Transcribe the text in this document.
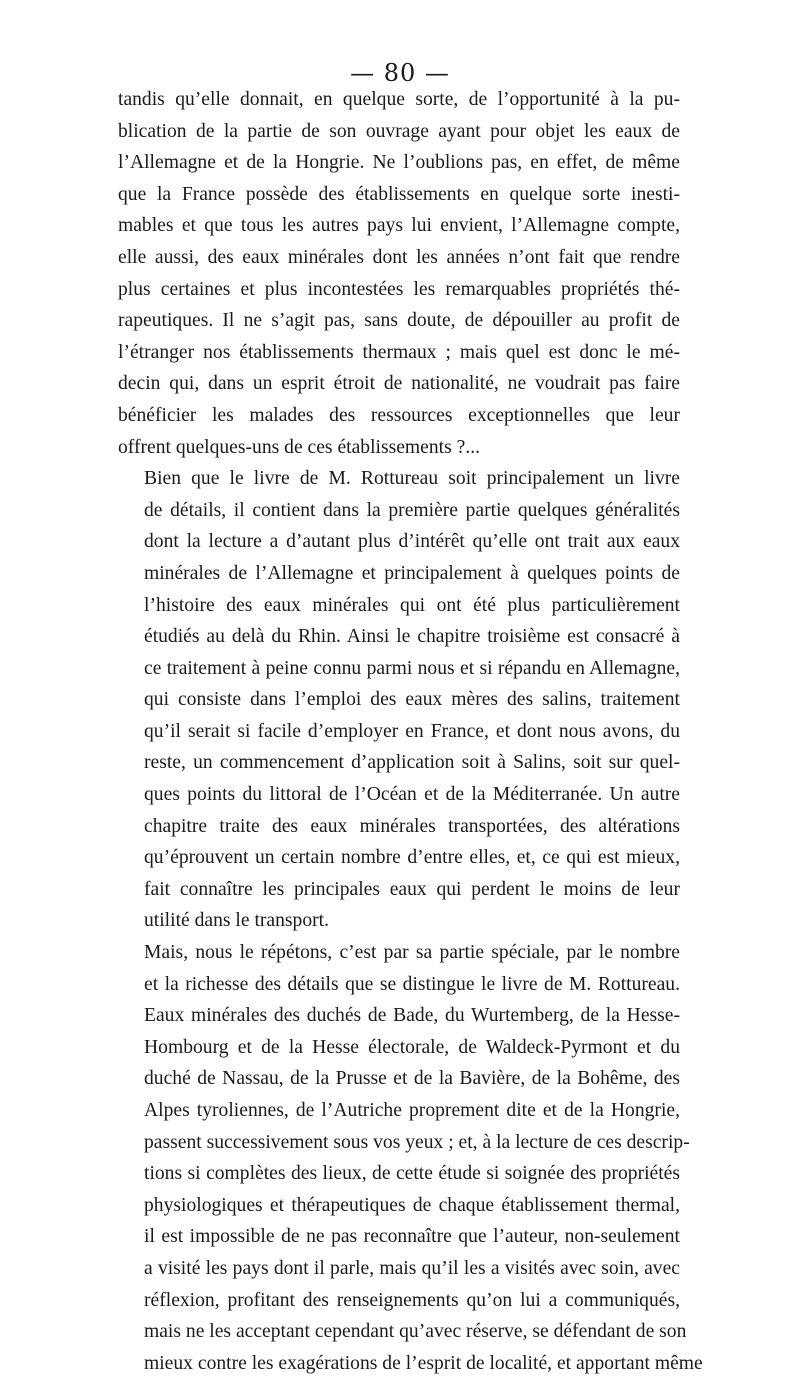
— 80 —
tandis qu’elle donnait, en quelque sorte, de l’opportunité à la pu-
blication de la partie de son ouvrage ayant pour objet les eaux de
l’Allemagne et de la Hongrie. Ne l’oublions pas, en effet, de même
que la France possède des établissements en quelque sorte inesti-
mables et que tous les autres pays lui envient, l’Allemagne compte,
elle aussi, des eaux minérales dont les années n’ont fait que rendre
plus certaines et plus incontestées les remarquables propriétés thé-
rapeutiques. Il ne s’agit pas, sans doute, de dépouiller au profit de
l’étranger nos établissements thermaux ; mais quel est donc le mé-
decin qui, dans un esprit étroit de nationalité, ne voudrait pas faire
bénéficier les malades des ressources exceptionnelles que leur
offrent quelques-uns de ces établissements ?...
Bien que le livre de M. Rottureau soit principalement un livre
de détails, il contient dans la première partie quelques généralités
dont la lecture a d’autant plus d’intérêt qu’elle ont trait aux eaux
minérales de l’Allemagne et principalement à quelques points de
l’histoire des eaux minérales qui ont été plus particulièrement
étudiés au delà du Rhin. Ainsi le chapitre troisième est consacré à
ce traitement à peine connu parmi nous et si répandu en Allemagne,
qui consiste dans l’emploi des eaux mères des salins, traitement
qu’il serait si facile d’employer en France, et dont nous avons, du
reste, un commencement d’application soit à Salins, soit sur quel-
ques points du littoral de l’Océan et de la Méditerranée. Un autre
chapitre traite des eaux minérales transportées, des altérations
qu’éprouvent un certain nombre d’entre elles, et, ce qui est mieux,
fait connaître les principales eaux qui perdent le moins de leur
utilité dans le transport.
Mais, nous le répétons, c’est par sa partie spéciale, par le nombre
et la richesse des détails que se distingue le livre de M. Rottureau.
Eaux minérales des duchés de Bade, du Wurtemberg, de la Hesse-
Hombourg et de la Hesse électorale, de Waldeck-Pyrmont et du
duché de Nassau, de la Prusse et de la Bavière, de la Bohême, des
Alpes tyroliennes, de l’Autriche proprement dite et de la Hongrie,
passent successivement sous vos yeux ; et, à la lecture de ces descrip-
tions si complètes des lieux, de cette étude si soignée des propriétés
physiologiques et thérapeutiques de chaque établissement thermal,
il est impossible de ne pas reconnaître que l’auteur, non-seulement
a visité les pays dont il parle, mais qu’il les a visités avec soin, avec
réflexion, profitant des renseignements qu’on lui a communiqués,
mais ne les acceptant cependant qu’avec réserve, se défendant de son
mieux contre les exagérations de l’esprit de localité, et apportant même
